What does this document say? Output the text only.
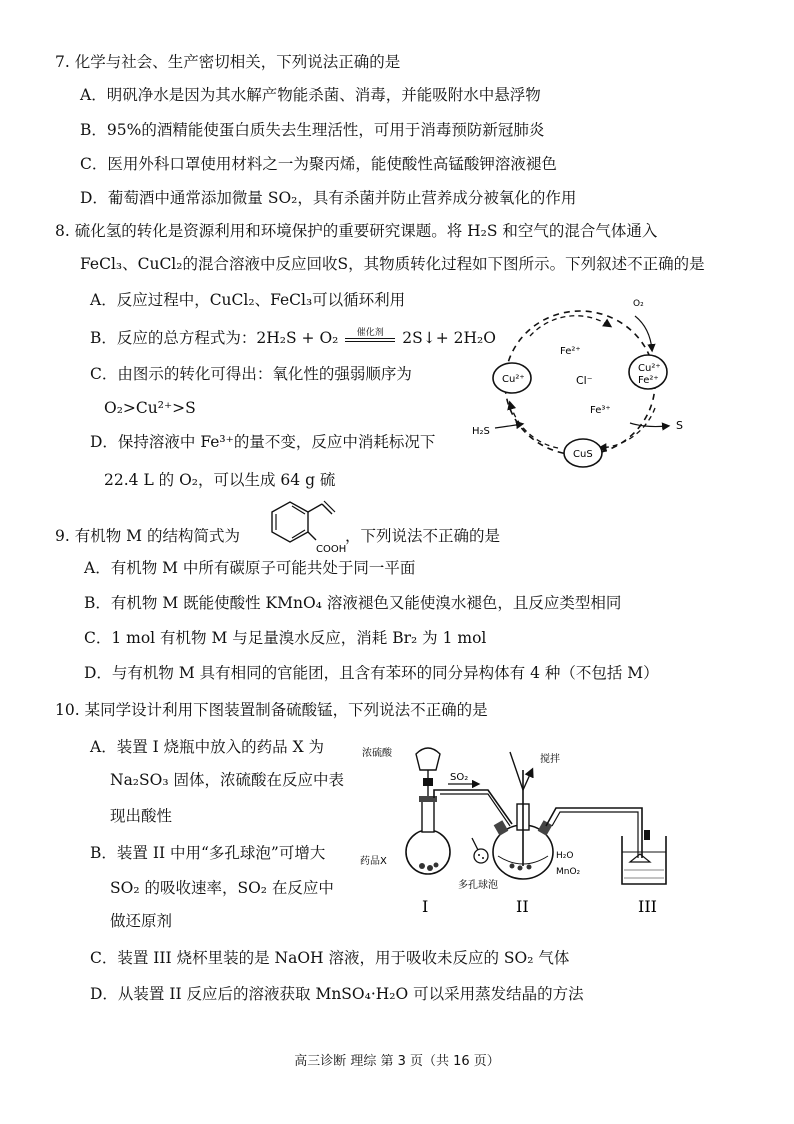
7. 化学与社会、生产密切相关，下列说法正确的是
A．明矾净水是因为其水解产物能杀菌、消毒，并能吸附水中悬浮物
B．95%的酒精能使蛋白质失去生理活性，可用于消毒预防新冠肺炎
C．医用外科口罩使用材料之一为聚丙烯，能使酸性高锰酸钾溶液褪色
D．葡萄酒中通常添加微量 SO₂，具有杀菌并防止营养成分被氧化的作用
8. 硫化氢的转化是资源利用和环境保护的重要研究课题。将 H₂S 和空气的混合气体通入
FeCl₃、CuCl₂的混合溶液中反应回收S，其物质转化过程如下图所示。下列叙述不正确的是
A．反应过程中，CuCl₂、FeCl₃可以循环利用
B．反应的总方程式为：2H₂S + O₂	催化剂	2S↓+ 2H₂O
C．由图示的转化可得出：氧化性的强弱顺序为
O₂>Cu²⁺>S
D．保持溶液中 Fe³⁺的量不变，反应中消耗标况下
22.4 L 的 O₂，可以生成 64 g 硫
O₂
Cu²⁺
Cu²⁺
Fe²⁺
Fe²⁺
Cl⁻
Fe³⁺
H₂S	S
CuS
9. 有机物 M 的结构简式为
COOH
，下列说法不正确的是
A．有机物 M 中所有碳原子可能共处于同一平面
B．有机物 M 既能使酸性 KMnO₄ 溶液褪色又能使溴水褪色，且反应类型相同
C．1 mol 有机物 M 与足量溴水反应，消耗 Br₂ 为 1 mol
D．与有机物 M 具有相同的官能团，且含有苯环的同分异构体有 4 种（不包括 M）
10. 某同学设计利用下图装置制备硫酸锰，下列说法不正确的是
A．装置 I 烧瓶中放入的药品 X 为
Na₂SO₃ 固体，浓硫酸在反应中表
现出酸性
B．装置 II 中用“多孔球泡”可增大
SO₂ 的吸收速率，SO₂ 在反应中
做还原剂
C．装置 III 烧杯里装的是 NaOH 溶液，用于吸收未反应的 SO₂ 气体
D．从装置 II 反应后的溶液获取 MnSO₄·H₂O 可以采用蒸发结晶的方法
浓硫酸
SO₂
搅拌
药品X
多孔球泡
H₂O
MnO₂
I	II	III
高三诊断 理综 第 3 页（共 16 页）
